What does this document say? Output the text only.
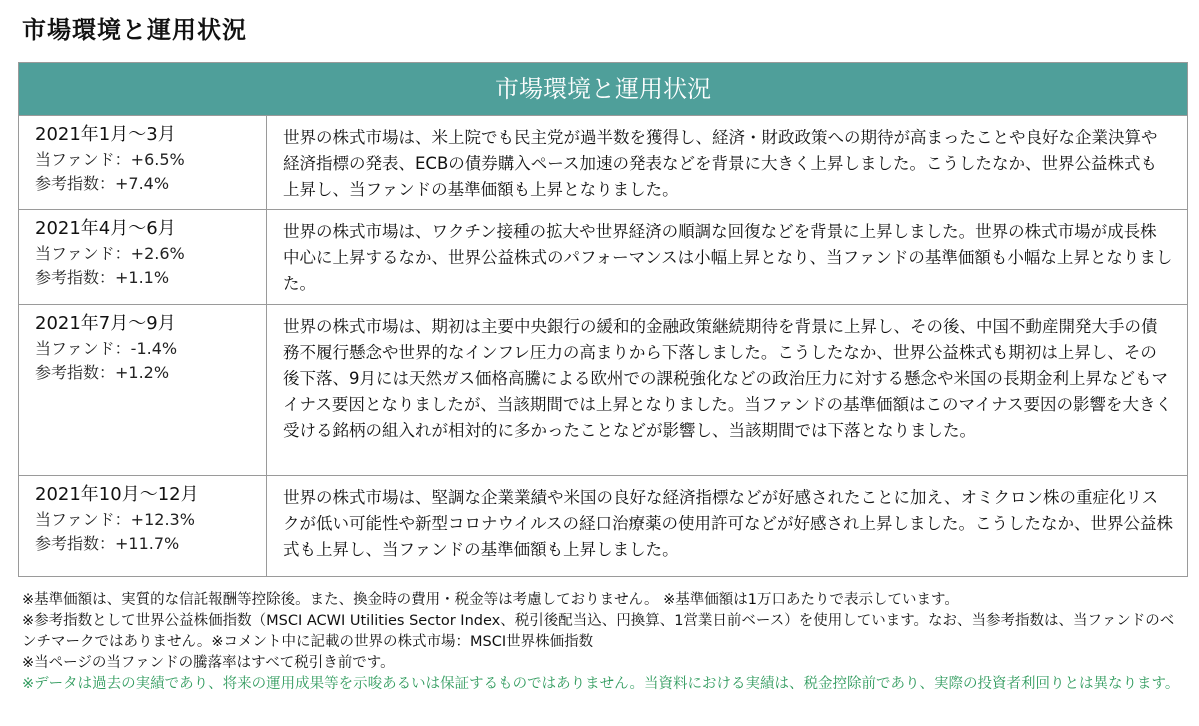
市場環境と運用状況
市場環境と運用状況
2021年1月～3月
当ファンド：+6.5%
参考指数：+7.4%
世界の株式市場は、米上院でも民主党が過半数を獲得し、経済・財政政策への期待が高まったことや良好な企業決算や経済指標の発表、ECBの債券購入ペース加速の発表などを背景に大きく上昇しました。こうしたなか、世界公益株式も上昇し、当ファンドの基準価額も上昇となりました。
2021年4月～6月
当ファンド：+2.6%
参考指数：+1.1%
世界の株式市場は、ワクチン接種の拡大や世界経済の順調な回復などを背景に上昇しました。世界の株式市場が成長株中心に上昇するなか、世界公益株式のパフォーマンスは小幅上昇となり、当ファンドの基準価額も小幅な上昇となりました。
2021年7月～9月
当ファンド：-1.4%
参考指数：+1.2%
世界の株式市場は、期初は主要中央銀行の緩和的金融政策継続期待を背景に上昇し、その後、中国不動産開発大手の債務不履行懸念や世界的なインフレ圧力の高まりから下落しました。こうしたなか、世界公益株式も期初は上昇し、その後下落、9月には天然ガス価格高騰による欧州での課税強化などの政治圧力に対する懸念や米国の長期金利上昇などもマイナス要因となりましたが、当該期間では上昇となりました。当ファンドの基準価額はこのマイナス要因の影響を大きく受ける銘柄の組入れが相対的に多かったことなどが影響し、当該期間では下落となりました。
2021年10月～12月
当ファンド：+12.3%
参考指数：+11.7%
世界の株式市場は、堅調な企業業績や米国の良好な経済指標などが好感されたことに加え、オミクロン株の重症化リスクが低い可能性や新型コロナウイルスの経口治療薬の使用許可などが好感され上昇しました。こうしたなか、世界公益株式も上昇し、当ファンドの基準価額も上昇しました。
※基準価額は、実質的な信託報酬等控除後。また、換金時の費用・税金等は考慮しておりません。 ※基準価額は1万口あたりで表示しています。
※参考指数として世界公益株価指数（MSCI ACWI Utilities Sector Index、税引後配当込、円換算、1営業日前ベース）を使用しています。なお、当参考指数は、当ファンドのベンチマークではありません。※コメント中に記載の世界の株式市場：MSCI世界株価指数
※当ページの当ファンドの騰落率はすべて税引き前です。
※データは過去の実績であり、将来の運用成果等を示唆あるいは保証するものではありません。当資料における実績は、税金控除前であり、実際の投資者利回りとは異なります。
